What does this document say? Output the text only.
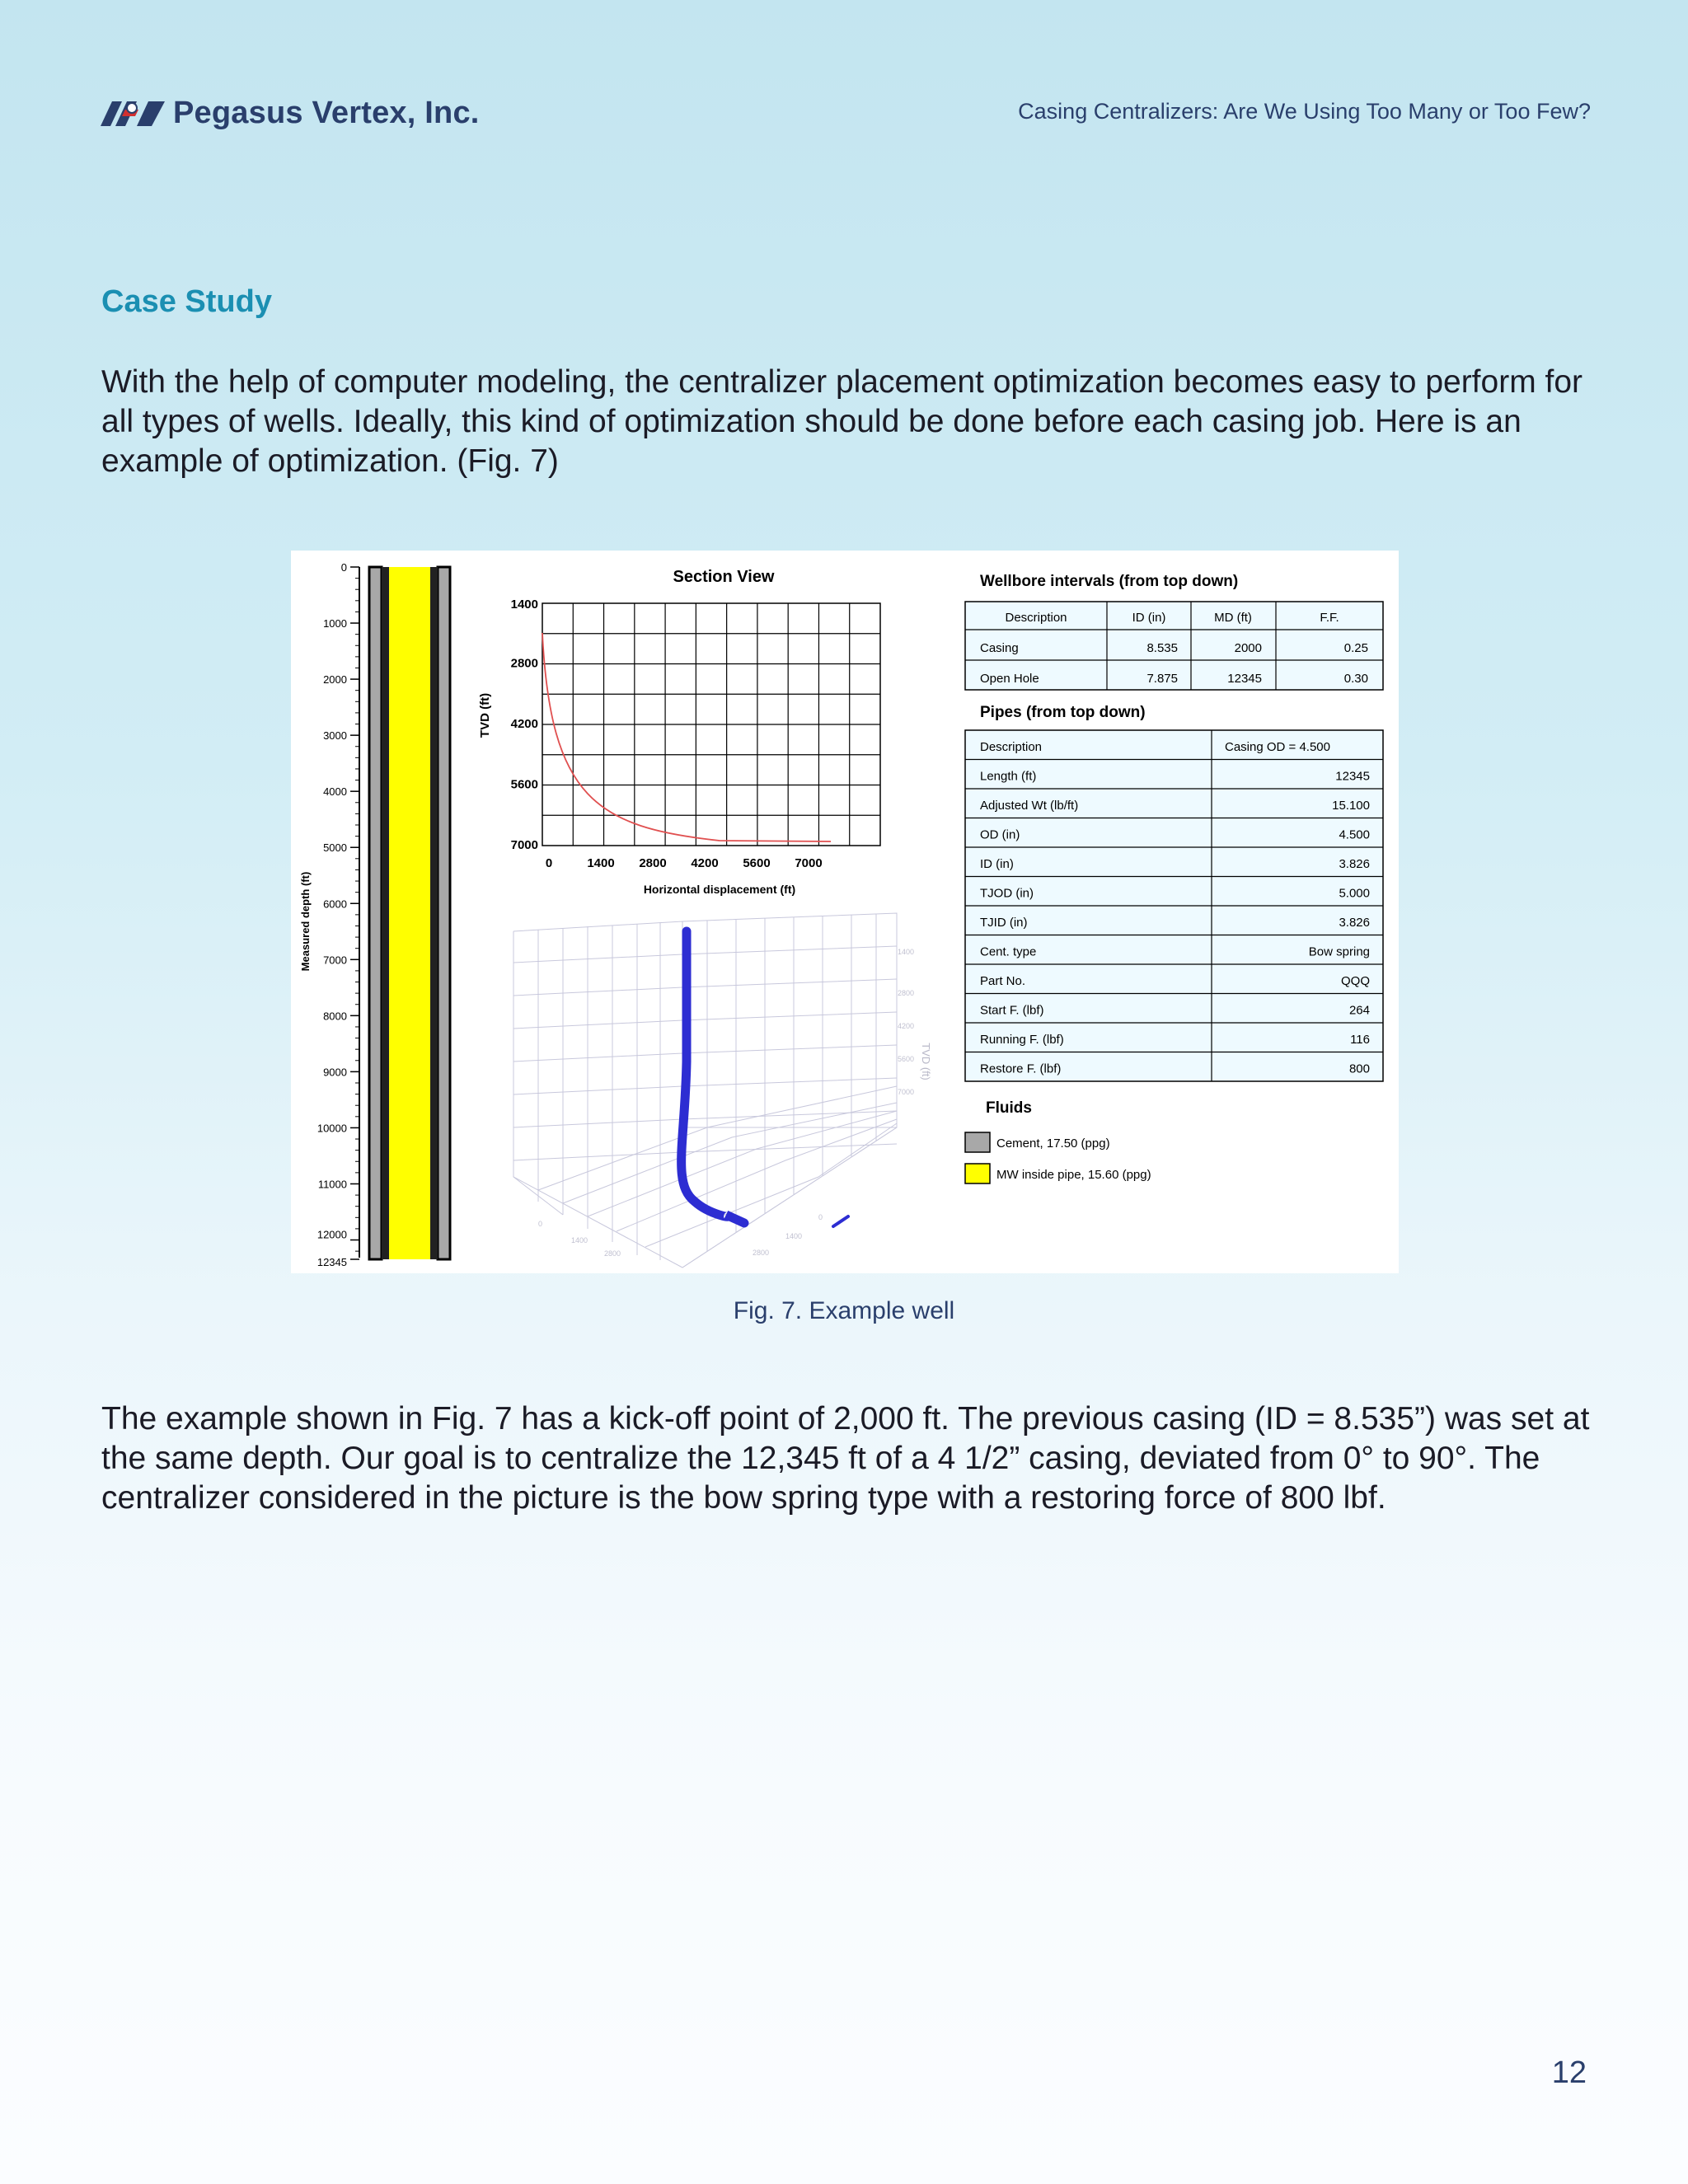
Pegasus Vertex, Inc.	Casing Centralizers: Are We Using Too Many or Too Few?
Case Study
With the help of computer modeling, the centralizer placement optimization becomes easy to perform for all types of wells. Ideally, this kind of optimization should be done before each casing job. Here is an example of optimization. (Fig. 7)
Measured depth (ft)
0
1000
2000
3000
4000
5000
6000
7000
8000
9000
10000
11000
12000
12345
Section View
TVD (ft)
Horizontal displacement (ft)
1400
2800
4200
5600
7000
0	1400 2800 4200 5600 7000
TVD (ft)
1400
2800
4200
5600
7000
0
1400
2800	2800
1400
0
Wellbore intervals (from top down)
Description	ID (in)	MD (ft)	F.F.
Casing	8.535	2000	0.25
Open Hole	7.875	12345	0.30
Pipes (from top down)
Description	Casing OD = 4.500
Length (ft)	12345
Adjusted Wt (lb/ft)	15.100
OD (in)	4.500
ID (in)	3.826
TJOD (in)	5.000
TJID (in)	3.826
Cent. type	Bow spring
Part No.	QQQ
Start F. (lbf)	264
Running F. (lbf)	116
Restore F. (lbf)	800
Fluids
Cement, 17.50 (ppg)
MW inside pipe, 15.60 (ppg)
Fig. 7. Example well
The example shown in Fig. 7 has a kick-off point of 2,000 ft. The previous casing (ID = 8.535”) was set at the same depth. Our goal is to centralize the 12,345 ft of a 4 1/2” casing, deviated from 0° to 90°. The centralizer considered in the picture is the bow spring type with a restoring force of 800 lbf.
12
